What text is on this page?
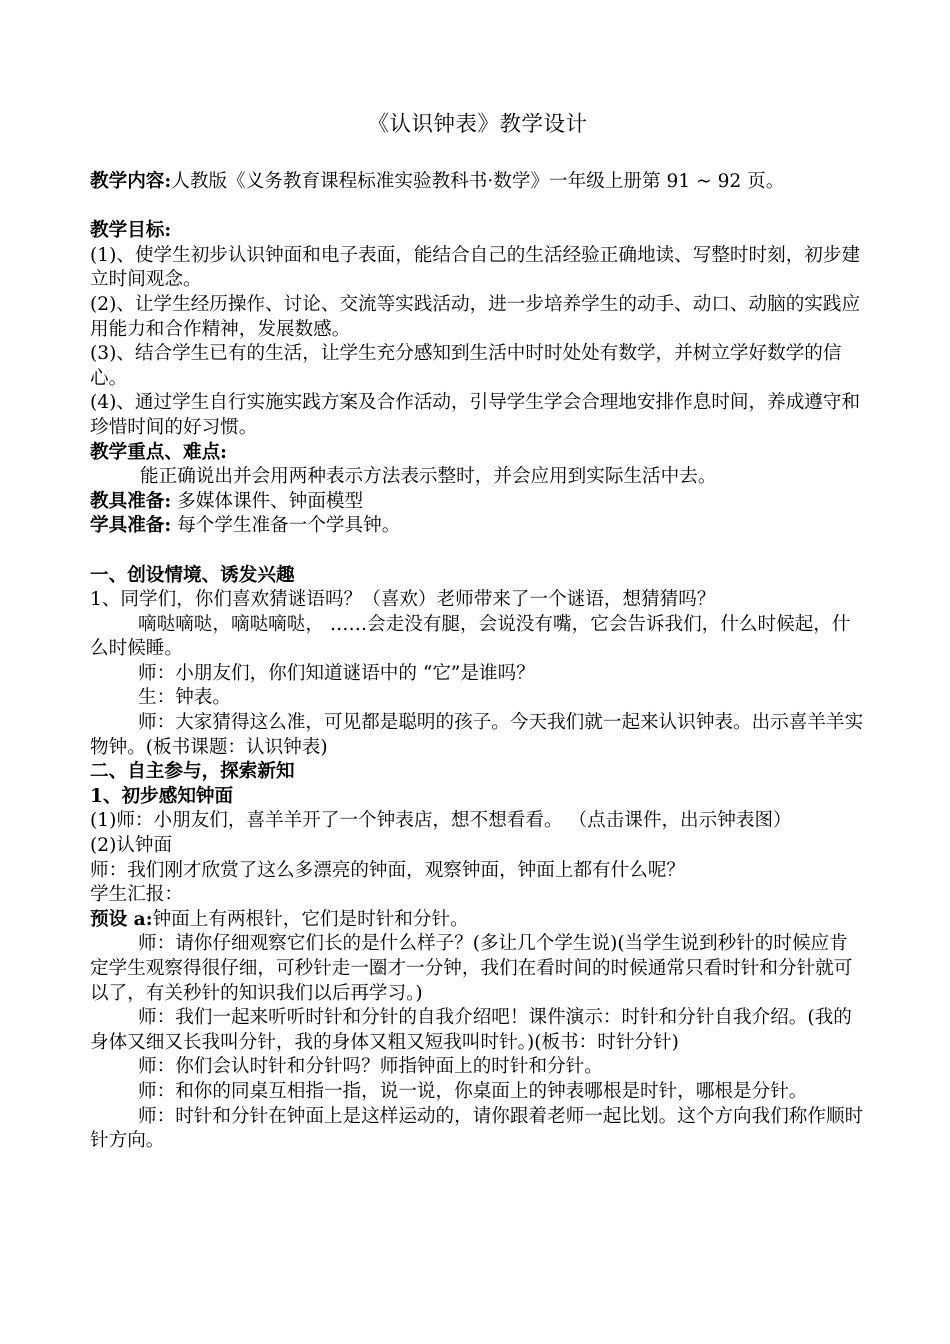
《认识钟表》教学设计

教学内容:人教版《义务教育课程标准实验教科书·数学》一年级上册第 91 ~ 92 页。

教学目标:

(1)、使学生初步认识钟面和电子表面，能结合自己的生活经验正确地读、写整时时刻，初步建立时间观念。

(2)、让学生经历操作、讨论、交流等实践活动，进一步培养学生的动手、动口、动脑的实践应用能力和合作精神，发展数感。

(3)、结合学生已有的生活，让学生充分感知到生活中时时处处有数学，并树立学好数学的信心。

(4)、通过学生自行实施实践方案及合作活动，引导学生学会合理地安排作息时间，养成遵守和珍惜时间的好习惯。

教学重点、难点:

能正确说出并会用两种表示方法表示整时，并会应用到实际生活中去。

教具准备: 多媒体课件、钟面模型

学具准备: 每个学生准备一个学具钟。

一、创设情境、诱发兴趣

1、同学们，你们喜欢猜谜语吗？（喜欢）老师带来了一个谜语，想猜猜吗？

嘀哒嘀哒，嘀哒嘀哒， ……会走没有腿，会说没有嘴，它会告诉我们，什么时候起，什么时候睡。

师：小朋友们，你们知道谜语中的 “它”是谁吗？

生：钟表。

师：大家猜得这么准，可见都是聪明的孩子。今天我们就一起来认识钟表。出示喜羊羊实物钟。(板书课题：认识钟表)

二、自主参与，探索新知

1、初步感知钟面

(1)师：小朋友们，喜羊羊开了一个钟表店，想不想看看。 （点击课件，出示钟表图）

(2)认钟面

师：我们刚才欣赏了这么多漂亮的钟面，观察钟面，钟面上都有什么呢？

学生汇报：

预设 a:钟面上有两根针，它们是时针和分针。

师：请你仔细观察它们长的是什么样子？(多让几个学生说)(当学生说到秒针的时候应肯定学生观察得很仔细，可秒针走一圈才一分钟，我们在看时间的时候通常只看时针和分针就可以了，有关秒针的知识我们以后再学习。)

师：我们一起来听听时针和分针的自我介绍吧！课件演示：时针和分针自我介绍。(我的身体又细又长我叫分针，我的身体又粗又短我叫时针。)(板书：时针分针)

师：你们会认时针和分针吗？师指钟面上的时针和分针。

师：和你的同桌互相指一指，说一说，你桌面上的钟表哪根是时针，哪根是分针。

师：时针和分针在钟面上是这样运动的，请你跟着老师一起比划。这个方向我们称作顺时针方向。
